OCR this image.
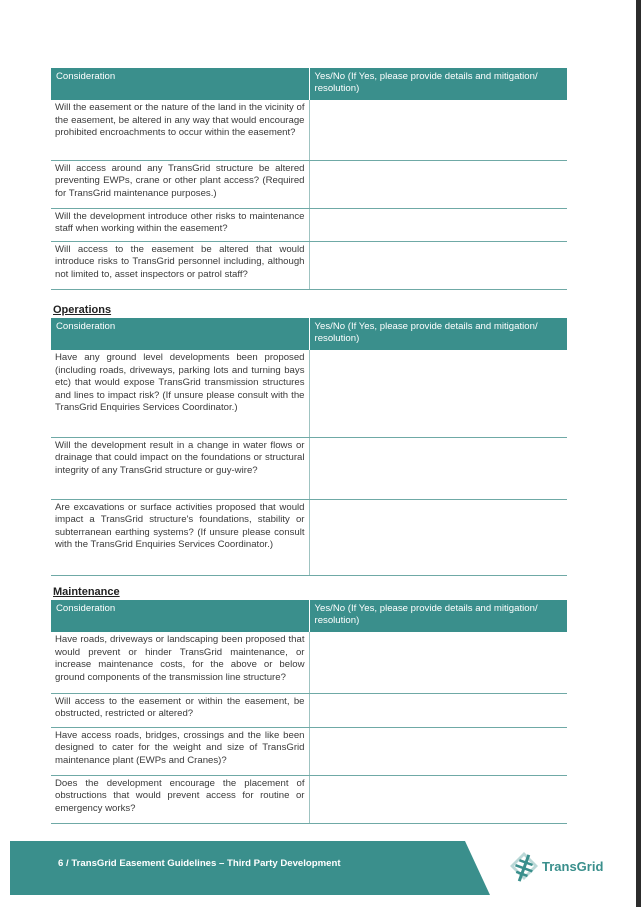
Consideration	Yes/No (If Yes, please provide details and mitigation/ resolution)
Will the easement or the nature of the land in the vicinity of the easement, be altered in any way that would encourage prohibited encroachments to occur within the easement?	
Will access around any TransGrid structure be altered preventing EWPs, crane or other plant access? (Required for TransGrid maintenance purposes.)	
Will the development introduce other risks to maintenance staff when working within the easement?	
Will access to the easement be altered that would introduce risks to TransGrid personnel including, although not limited to, asset inspectors or patrol staff?	
Operations
Consideration	Yes/No (If Yes, please provide details and mitigation/ resolution)
Have any ground level developments been proposed (including roads, driveways, parking lots and turning bays etc) that would expose TransGrid transmission structures and lines to impact risk? (If unsure please consult with the TransGrid Enquiries Services Coordinator.)	
Will the development result in a change in water flows or drainage that could impact on the foundations or structural integrity of any TransGrid structure or guy-wire?	
Are excavations or surface activities proposed that would impact a TransGrid structure's foundations, stability or subterranean earthing systems? (If unsure please consult with the TransGrid Enquiries Services Coordinator.)	
Maintenance
Consideration	Yes/No (If Yes, please provide details and mitigation/ resolution)
Have roads, driveways or landscaping been proposed that would prevent or hinder TransGrid maintenance, or increase maintenance costs, for the above or below ground components of the transmission line structure?	
Will access to the easement or within the easement, be obstructed, restricted or altered?	
Have access roads, bridges, crossings and the like been designed to cater for the weight and size of TransGrid maintenance plant (EWPs and Cranes)?	
Does the development encourage the placement of obstructions that would prevent access for routine or emergency works?	
6 / TransGrid Easement Guidelines – Third Party Development	TransGrid
